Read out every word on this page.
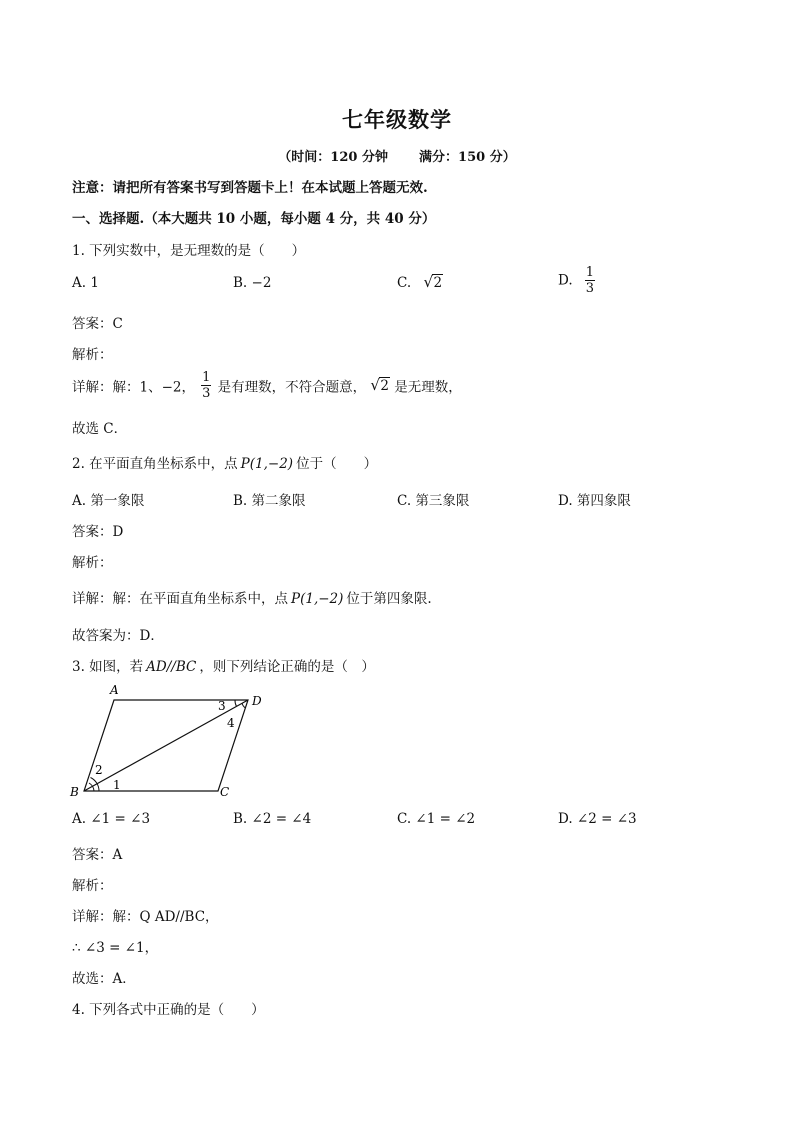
七年级数学
（时间：120 分钟 满分：150 分）
注意：请把所有答案书写到答题卡上！在本试题上答题无效.
一、选择题.（本大题共 10 小题，每小题 4 分，共 40 分）
1. 下列实数中，是无理数的是（　　）
A. 1	B. −2	C. √ 2	D. $\frac{1}{3}$
答案：C
解析：
详解：解：1、−2， $\frac{1}{3}$ 是有理数，不符合题意， √ 2 是无理数，
故选 C．
2. 在平面直角坐标系中，点 P(1,−2) 位于（　　）
A. 第一象限	B. 第二象限	C. 第三象限	D. 第四象限
答案：D
解析：
详解：解：在平面直角坐标系中，点 P(1,−2) 位于第四象限.
故答案为：D．
3. 如图，若 AD//BC ，则下列结论正确的是（　）
A
D
B	C
1
2
3
4
A. ∠1 = ∠3	B. ∠2 = ∠4	C. ∠1 = ∠2	D. ∠2 = ∠3
答案：A
解析：
详解：解：Q AD//BC，
∴ ∠3 = ∠1，
故选：A．
4. 下列各式中正确的是（　　）
